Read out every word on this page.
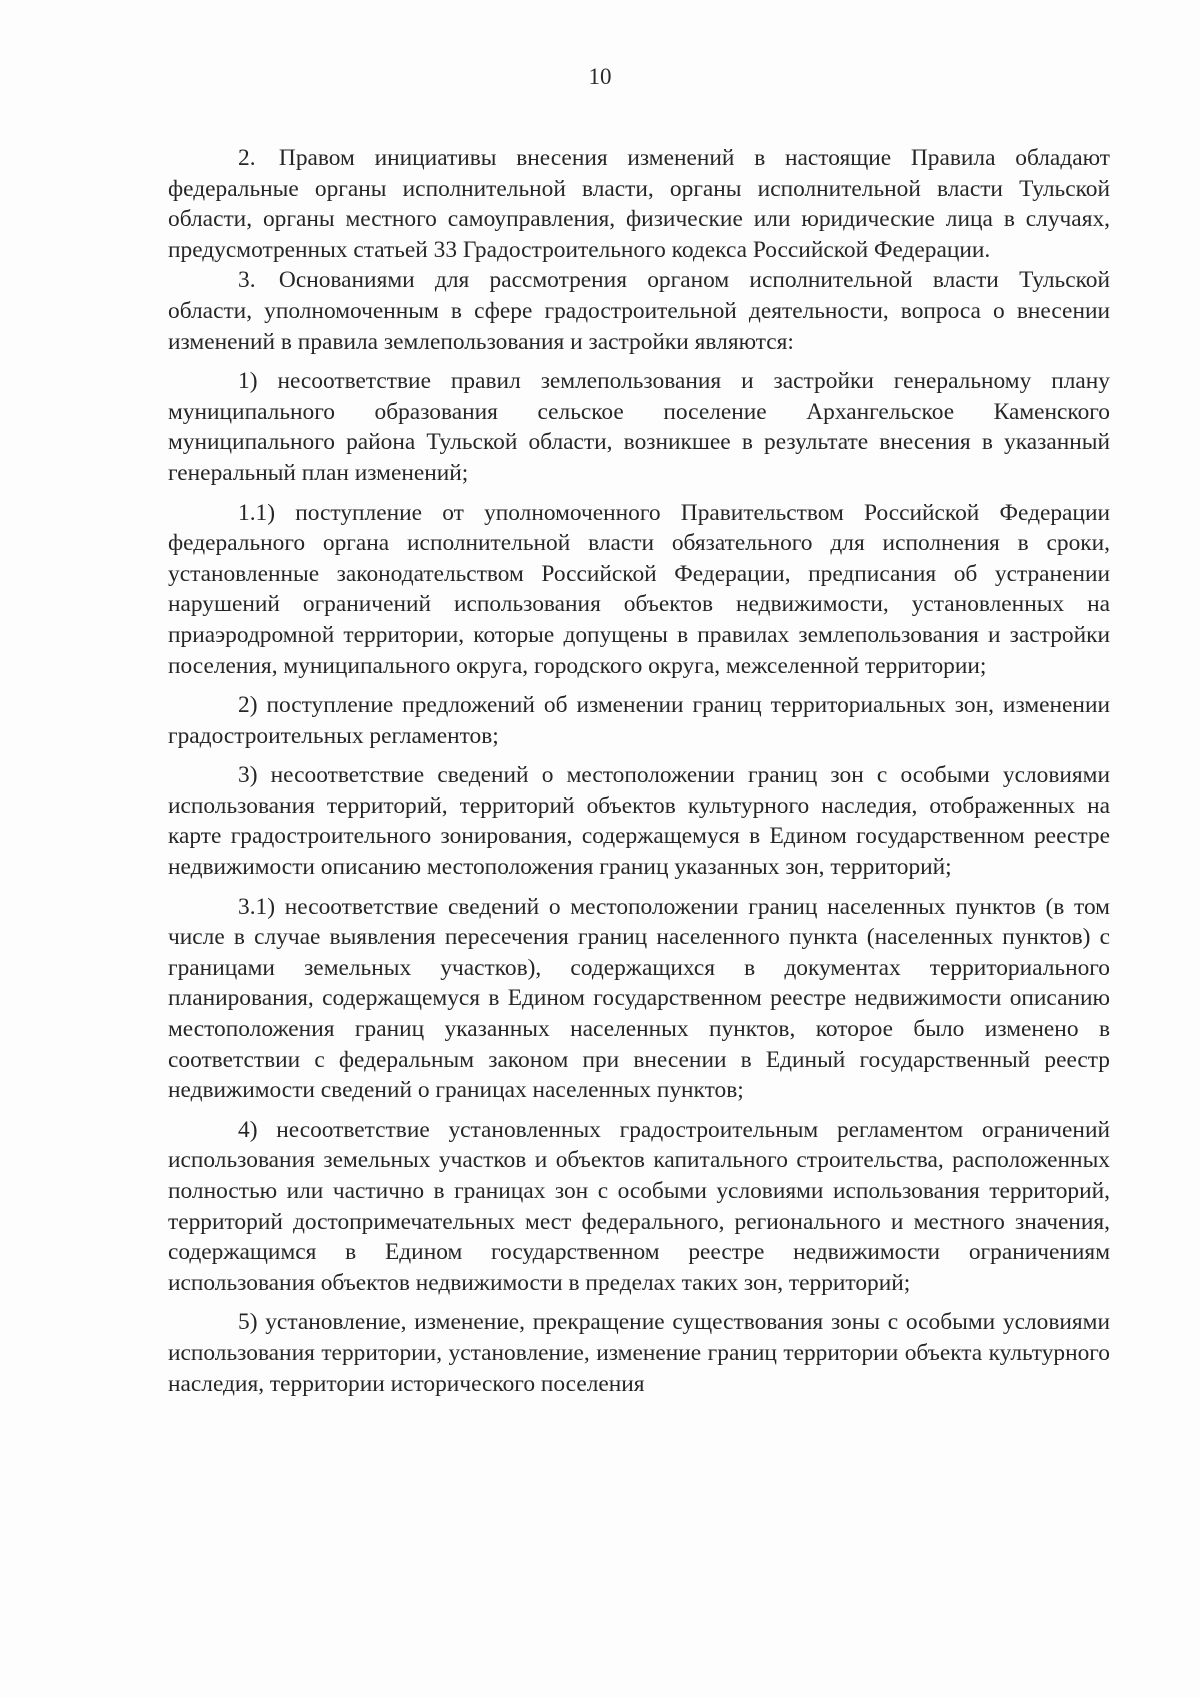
10

2. Правом инициативы внесения изменений в настоящие Правила обладают федеральные органы исполнительной власти, органы исполнительной власти Тульской области, органы местного самоуправления, физические или юридические лица в случаях, предусмотренных статьей 33 Градостроительного кодекса Российской Федерации.

3. Основаниями для рассмотрения органом исполнительной власти Тульской области, уполномоченным в сфере градостроительной деятельности, вопроса о внесении изменений в правила землепользования и застройки являются:

1) несоответствие правил землепользования и застройки генеральному плану муниципального образования сельское поселение Архангельское Каменского муниципального района Тульской области, возникшее в результате внесения в указанный генеральный план изменений;

1.1) поступление от уполномоченного Правительством Российской Федерации федерального органа исполнительной власти обязательного для исполнения в сроки, установленные законодательством Российской Федерации, предписания об устранении нарушений ограничений использования объектов недвижимости, установленных на приаэродромной территории, которые допущены в правилах землепользования и застройки поселения, муниципального округа, городского округа, межселенной территории;

2) поступление предложений об изменении границ территориальных зон, изменении градостроительных регламентов;

3) несоответствие сведений о местоположении границ зон с особыми условиями использования территорий, территорий объектов культурного наследия, отображенных на карте градостроительного зонирования, содержащемуся в Едином государственном реестре недвижимости описанию местоположения границ указанных зон, территорий;

3.1) несоответствие сведений о местоположении границ населенных пунктов (в том числе в случае выявления пересечения границ населенного пункта (населенных пунктов) с границами земельных участков), содержащихся в документах территориального планирования, содержащемуся в Едином государственном реестре недвижимости описанию местоположения границ указанных населенных пунктов, которое было изменено в соответствии с федеральным законом при внесении в Единый государственный реестр недвижимости сведений о границах населенных пунктов;

4) несоответствие установленных градостроительным регламентом ограничений использования земельных участков и объектов капитального строительства, расположенных полностью или частично в границах зон с особыми условиями использования территорий, территорий достопримечательных мест федерального, регионального и местного значения, содержащимся в Едином государственном реестре недвижимости ограничениям использования объектов недвижимости в пределах таких зон, территорий;

5) установление, изменение, прекращение существования зоны с особыми условиями использования территории, установление, изменение границ территории объекта культурного наследия, территории исторического поселения
